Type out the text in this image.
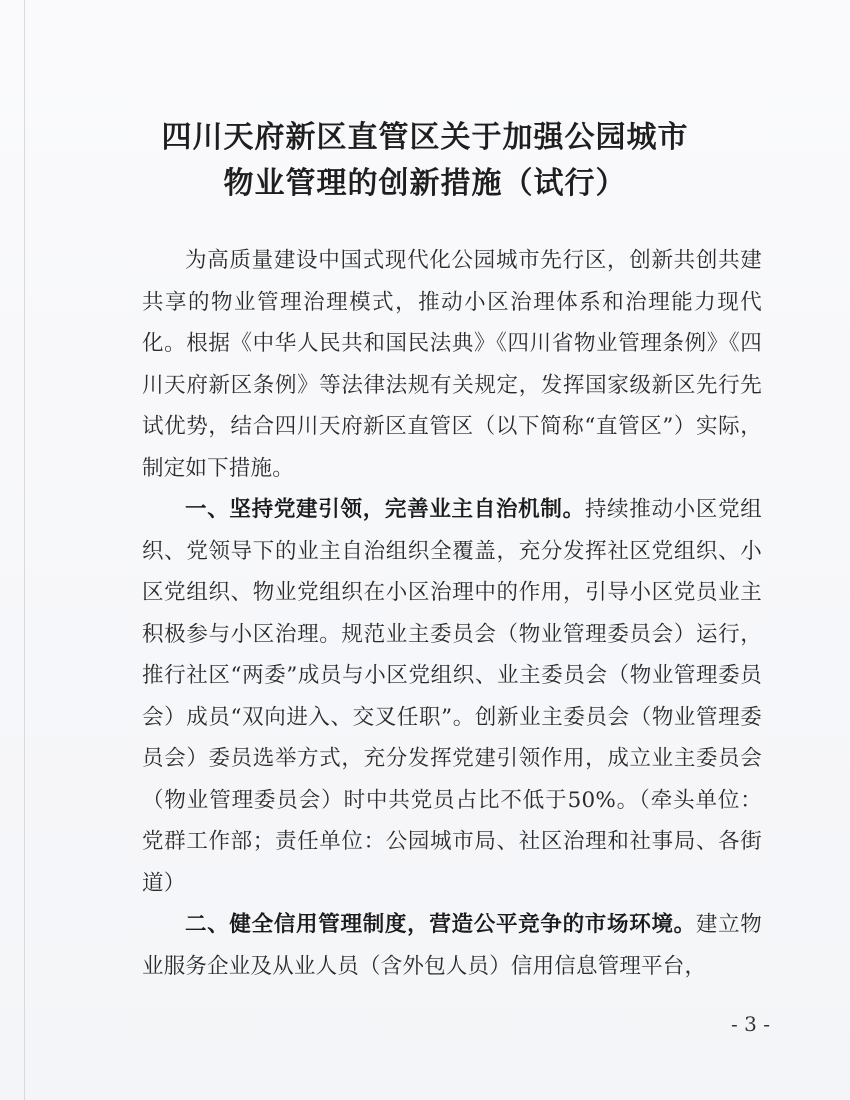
四川天府新区直管区关于加强公园城市
物业管理的创新措施（试行）

为高质量建设中国式现代化公园城市先行区，创新共创共建共享的物业管理治理模式，推动小区治理体系和治理能力现代化。根据《中华人民共和国民法典》《四川省物业管理条例》《四川天府新区条例》等法律法规有关规定，发挥国家级新区先行先试优势，结合四川天府新区直管区（以下简称“直管区”）实际，制定如下措施。

一、坚持党建引领，完善业主自治机制。持续推动小区党组织、党领导下的业主自治组织全覆盖，充分发挥社区党组织、小区党组织、物业党组织在小区治理中的作用，引导小区党员业主积极参与小区治理。规范业主委员会（物业管理委员会）运行，推行社区“两委”成员与小区党组织、业主委员会（物业管理委员会）成员“双向进入、交叉任职”。创新业主委员会（物业管理委员会）委员选举方式，充分发挥党建引领作用，成立业主委员会（物业管理委员会）时中共党员占比不低于50%。（牵头单位：党群工作部；责任单位：公园城市局、社区治理和社事局、各街道）

二、健全信用管理制度，营造公平竞争的市场环境。建立物业服务企业及从业人员（含外包人员）信用信息管理平台，

- 3 -
